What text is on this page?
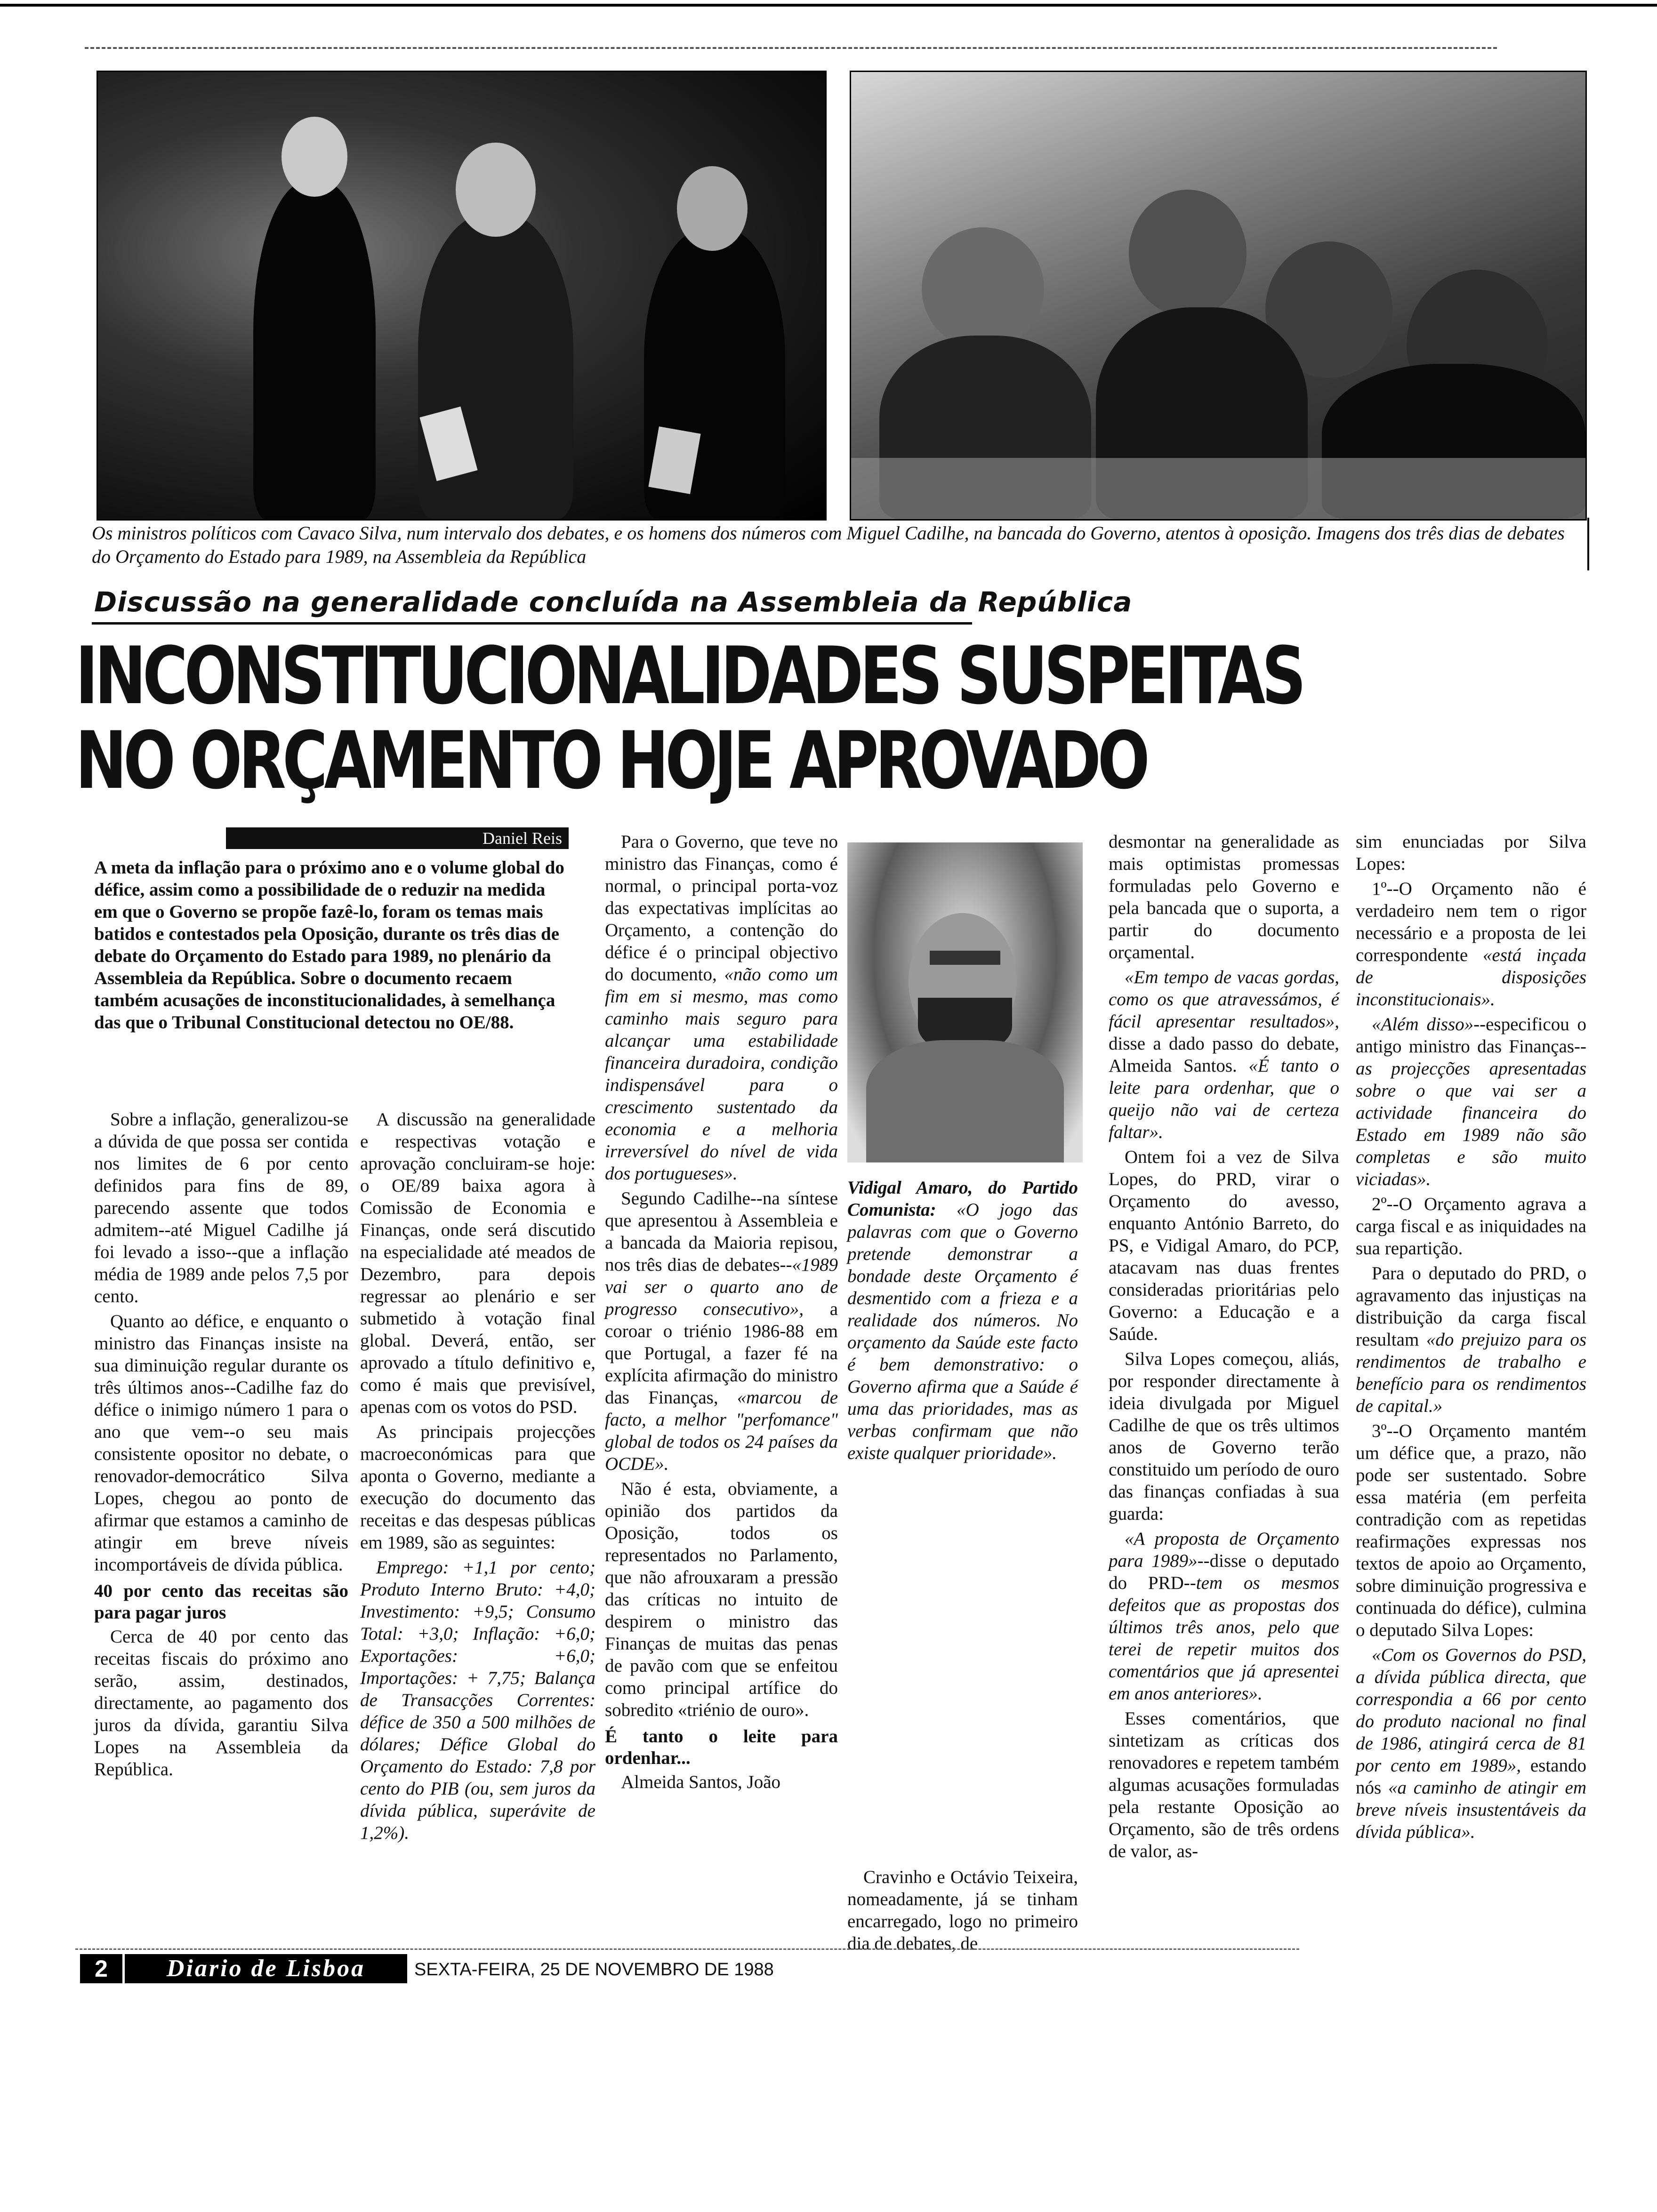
Os ministros políticos com Cavaco Silva, num intervalo dos debates, e os homens dos números com Miguel Cadilhe, na bancada do Governo, atentos à oposição. Imagens dos três dias de debates do Orçamento do Estado para 1989, na Assembleia da República
Discussão na generalidade concluída na Assembleia da República
INCONSTITUCIONALIDADES SUSPEITAS
NO ORÇAMENTO HOJE APROVADO
Daniel Reis
A meta da inflação para o próximo ano e o volume global do défice, assim como a possibilidade de o reduzir na medida em que o Governo se propõe fazê-lo, foram os temas mais batidos e contestados pela Oposição, durante os três dias de debate do Orçamento do Estado para 1989, no plenário da Assembleia da República. Sobre o documento recaem também acusações de inconstitucionalidades, à semelhança das que o Tribunal Constitucional detectou no OE/88.

Sobre a inflação, generalizou-se a dúvida de que possa ser contida nos limites de 6 por cento definidos para fins de 89, parecendo assente que todos admitem--até Miguel Cadilhe já foi levado a isso--que a inflação média de 1989 ande pelos 7,5 por cento.

Quanto ao défice, e enquanto o ministro das Finanças insiste na sua diminuição regular durante os três últimos anos--Cadilhe faz do défice o inimigo número 1 para o ano que vem--o seu mais consistente opositor no debate, o renovador-democrático Silva Lopes, chegou ao ponto de afirmar que estamos a caminho de atingir em breve níveis incomportáveis de dívida pública.

40 por cento das receitas são para pagar juros

Cerca de 40 por cento das receitas fiscais do próximo ano serão, assim, destinados, directamente, ao pagamento dos juros da dívida, garantiu Silva Lopes na Assembleia da República.

A discussão na generalidade e respectivas votação e aprovação concluiram-se hoje: o OE/89 baixa agora à Comissão de Economia e Finanças, onde será discutido na especialidade até meados de Dezembro, para depois regressar ao plenário e ser submetido à votação final global. Deverá, então, ser aprovado a título definitivo e, como é mais que previsível, apenas com os votos do PSD.

As principais projecções macroeconómicas para que aponta o Governo, mediante a execução do documento das receitas e das despesas públicas em 1989, são as seguintes:

Emprego: +1,1 por cento; Produto Interno Bruto: +4,0; Investimento: +9,5; Consumo Total: +3,0; Inflação: +6,0; Exportações: +6,0; Importações: + 7,75; Balança de Transacções Correntes: défice de 350 a 500 milhões de dólares; Défice Global do Orçamento do Estado: 7,8 por cento do PIB (ou, sem juros da dívida pública, superávite de 1,2%).

Para o Governo, que teve no ministro das Finanças, como é normal, o principal porta-voz das expectativas implícitas ao Orçamento, a contenção do défice é o principal objectivo do documento, «não como um fim em si mesmo, mas como caminho mais seguro para alcançar uma estabilidade financeira duradoira, condição indispensável para o crescimento sustentado da economia e a melhoria irreversível do nível de vida dos portugueses».

Segundo Cadilhe--na síntese que apresentou à Assembleia e a bancada da Maioria repisou, nos três dias de debates--«1989 vai ser o quarto ano de progresso consecutivo», a coroar o triénio 1986-88 em que Portugal, a fazer fé na explícita afirmação do ministro das Finanças, «marcou de facto, a melhor "perfomance" global de todos os 24 países da OCDE».

Não é esta, obviamente, a opinião dos partidos da Oposição, todos os representados no Parlamento, que não afrouxaram a pressão das críticas no intuito de despirem o ministro das Finanças de muitas das penas de pavão com que se enfeitou como principal artífice do sobredito «triénio de ouro».

É tanto o leite para ordenhar...

Almeida Santos, João

Vidigal Amaro, do Partido Comunista: «O jogo das palavras com que o Governo pretende demonstrar a bondade deste Orçamento é desmentido com a frieza e a realidade dos números. No orçamento da Saúde este facto é bem demonstrativo: o Governo afirma que a Saúde é uma das prioridades, mas as verbas confirmam que não existe qualquer prioridade».

Cravinho e Octávio Teixeira, nomeadamente, já se tinham encarregado, logo no primeiro dia de debates, de

desmontar na generalidade as mais optimistas promessas formuladas pelo Governo e pela bancada que o suporta, a partir do documento orçamental.

«Em tempo de vacas gordas, como os que atravessámos, é fácil apresentar resultados», disse a dado passo do debate, Almeida Santos. «É tanto o leite para ordenhar, que o queijo não vai de certeza faltar».

Ontem foi a vez de Silva Lopes, do PRD, virar o Orçamento do avesso, enquanto António Barreto, do PS, e Vidigal Amaro, do PCP, atacavam nas duas frentes consideradas prioritárias pelo Governo: a Educação e a Saúde.

Silva Lopes começou, aliás, por responder directamente à ideia divulgada por Miguel Cadilhe de que os três ultimos anos de Governo terão constituido um período de ouro das finanças confiadas à sua guarda:

«A proposta de Orçamento para 1989»--disse o deputado do PRD--tem os mesmos defeitos que as propostas dos últimos três anos, pelo que terei de repetir muitos dos comentários que já apresentei em anos anteriores».

Esses comentários, que sintetizam as críticas dos renovadores e repetem também algumas acusações formuladas pela restante Oposição ao Orçamento, são de três ordens de valor, as-

sim enunciadas por Silva Lopes:

1º--O Orçamento não é verdadeiro nem tem o rigor necessário e a proposta de lei correspondente «está inçada de disposições inconstitucionais».

«Além disso»--especificou o antigo ministro das Finanças--as projecções apresentadas sobre o que vai ser a actividade financeira do Estado em 1989 não são completas e são muito viciadas».

2º--O Orçamento agrava a carga fiscal e as iniquidades na sua repartição.

Para o deputado do PRD, o agravamento das injustiças na distribuição da carga fiscal resultam «do prejuizo para os rendimentos de trabalho e benefício para os rendimentos de capital.»

3º--O Orçamento mantém um défice que, a prazo, não pode ser sustentado. Sobre essa matéria (em perfeita contradição com as repetidas reafirmações expressas nos textos de apoio ao Orçamento, sobre diminuição progressiva e continuada do défice), culmina o deputado Silva Lopes:

«Com os Governos do PSD, a dívida pública directa, que correspondia a 66 por cento do produto nacional no final de 1986, atingirá cerca de 81 por cento em 1989», estando nós «a caminho de atingir em breve níveis insustentáveis da dívida pública».

2	Diario de Lisboa	SEXTA-FEIRA, 25 DE NOVEMBRO DE 1988
